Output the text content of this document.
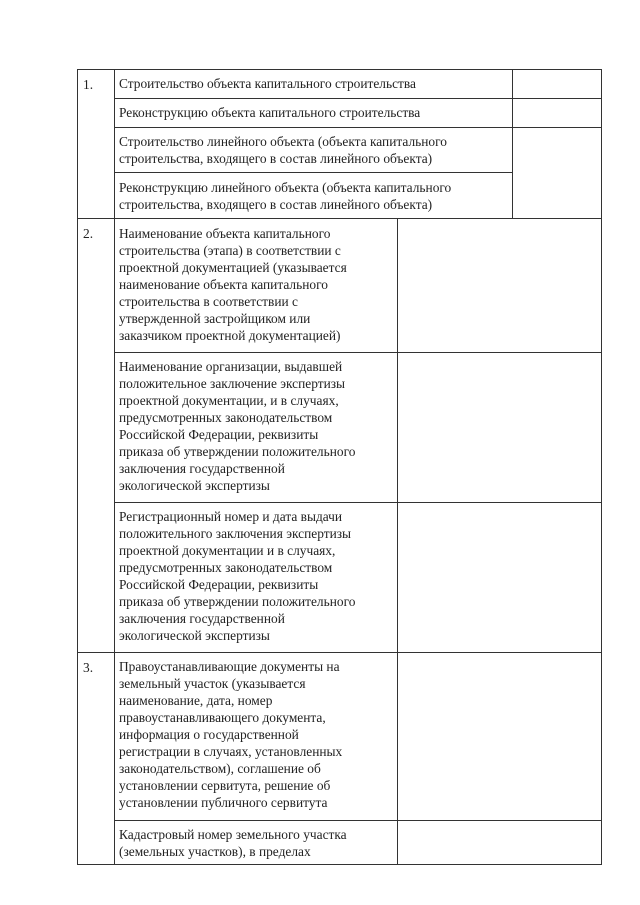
1.
2.
3.
Строительство объекта капитального строительства
Реконструкцию объекта капитального строительства
Строительство линейного объекта (объекта капитального
строительства, входящего в состав линейного объекта)
Реконструкцию линейного объекта (объекта капитального
строительства, входящего в состав линейного объекта)
Наименование объекта капитального
строительства (этапа) в соответствии с
проектной документацией (указывается
наименование объекта капитального
строительства в соответствии с
утвержденной застройщиком или
заказчиком проектной документацией)
Наименование организации, выдавшей
положительное заключение экспертизы
проектной документации, и в случаях,
предусмотренных законодательством
Российской Федерации, реквизиты
приказа об утверждении положительного
заключения государственной
экологической экспертизы
Регистрационный номер и дата выдачи
положительного заключения экспертизы
проектной документации и в случаях,
предусмотренных законодательством
Российской Федерации, реквизиты
приказа об утверждении положительного
заключения государственной
экологической экспертизы
Правоустанавливающие документы на
земельный участок (указывается
наименование, дата, номер
правоустанавливающего документа,
информация о государственной
регистрации в случаях, установленных
законодательством), соглашение об
установлении сервитута, решение об
установлении публичного сервитута
Кадастровый номер земельного участка
(земельных участков), в пределах
